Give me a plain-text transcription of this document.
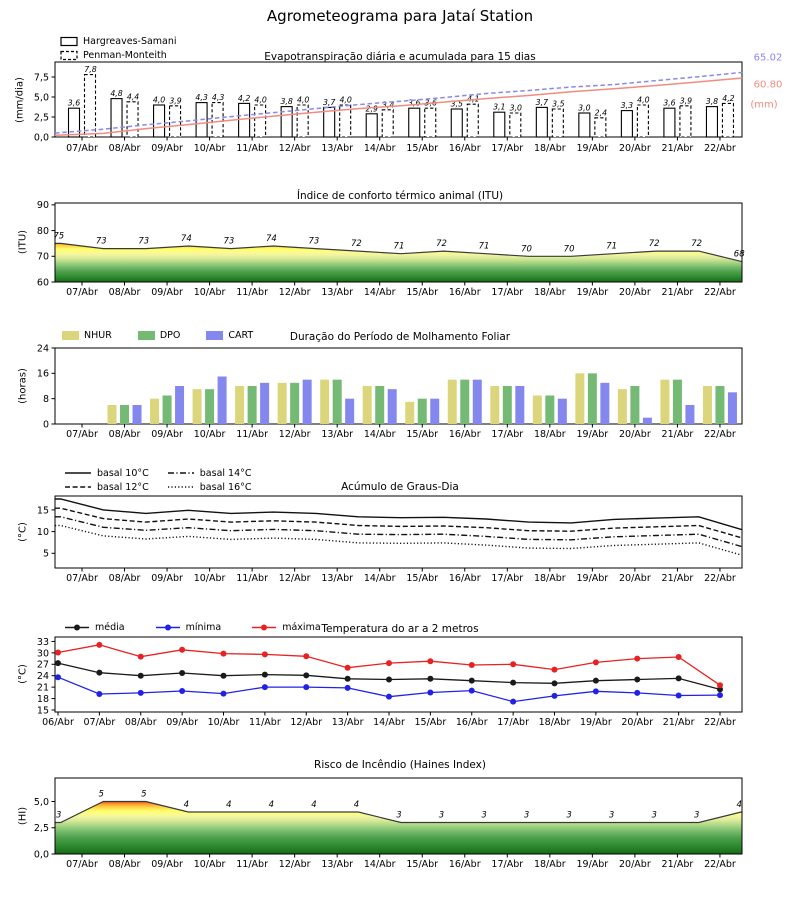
0,0
2,5
5,0
7,5
07/Abr 08/Abr 09/Abr 10/Abr 11/Abr 12/Abr 13/Abr 14/Abr 15/Abr 16/Abr 17/Abr 18/Abr 19/Abr 20/Abr 21/Abr 22/Abr
3,6
4,8
4,0	4,3	4,2	3,8	3,7
2,9
3,6	3,5	3,1
3,7
3,0	3,3	3,6	3,8
7,8
4,4	3,9	4,3	4,0	4,0	4,0
3,4	3,6	4,1
3,0	3,5
2,4
4,0	3,9	4,2
60
70
80
90
07/Abr 08/Abr 09/Abr 10/Abr 11/Abr 12/Abr 13/Abr 14/Abr 15/Abr 16/Abr 17/Abr 18/Abr 19/Abr 20/Abr 21/Abr 22/Abr
75
73	73	74	73	74	73	72	71	72	71	70	70	71	72	72
68
0
8
16
24
07/Abr 08/Abr 09/Abr 10/Abr 11/Abr 12/Abr 13/Abr 14/Abr 15/Abr 16/Abr 17/Abr 18/Abr 19/Abr 20/Abr 21/Abr 22/Abr
5
10
15
07/Abr 08/Abr 09/Abr 10/Abr 11/Abr 12/Abr 13/Abr 14/Abr 15/Abr 16/Abr 17/Abr 18/Abr 19/Abr 20/Abr 21/Abr 22/Abr
15
18
21
24
27
30
33
06/Abr 07/Abr 08/Abr 09/Abr 10/Abr 11/Abr 12/Abr 13/Abr 14/Abr 15/Abr 16/Abr 17/Abr 18/Abr 19/Abr 20/Abr 21/Abr 22/Abr
0,0
2,5
5,0
07/Abr 08/Abr 09/Abr 10/Abr 11/Abr 12/Abr 13/Abr 14/Abr 15/Abr 16/Abr 17/Abr 18/Abr 19/Abr 20/Abr 21/Abr 22/Abr
3
5	5
4	4	4	4	4
3	3	3	3	3	3	3	3
4
Agrometeograma para Jataí Station
Hargreaves-Samani
Penman-Monteith	Evapotranspiração diária e acumulada para 15 dias
(mm/dia)
65.02
60.80
(mm)
Índice de conforto térmico animal (ITU)
(ITU)
NHUR	DPO	CART	Duração do Período de Molhamento Foliar
(horas)
basal 10°C
basal 12°C
basal 14°C
basal 16°C	Acúmulo de Graus-Dia
(°C)
média	mínima	máxima Temperatura do ar a 2 metros
(°C)
Risco de Incêndio (Haines Index)
(HI)
